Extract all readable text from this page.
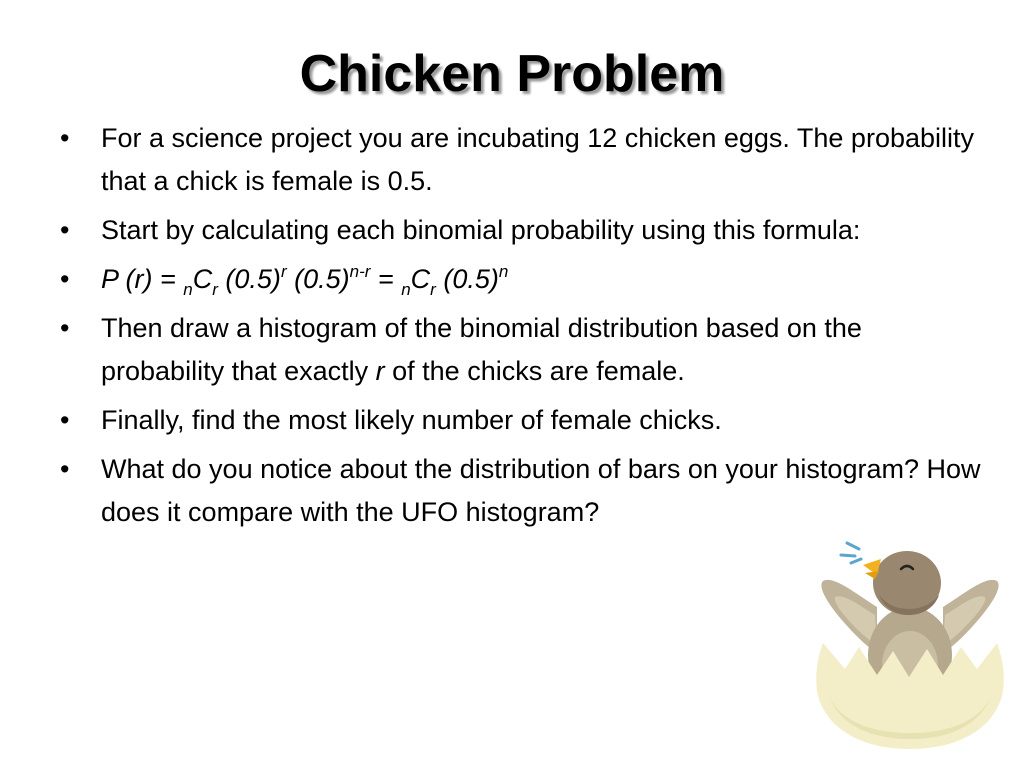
Chicken Problem
• For a science project you are incubating 12 chicken eggs. The probability that a chick is female is 0.5.
• Start by calculating each binomial probability using this formula:
• P $(r) = _nC_r$ $(0.5)^r$ $(0.5)^{n-r} = _nC_r$ $(0.5)^n$
• Then draw a histogram of the binomial distribution based on the probability that exactly r of the chicks are female.
• Finally, find the most likely number of female chicks.
• What do you notice about the distribution of bars on your histogram? How does it compare with the UFO histogram?
